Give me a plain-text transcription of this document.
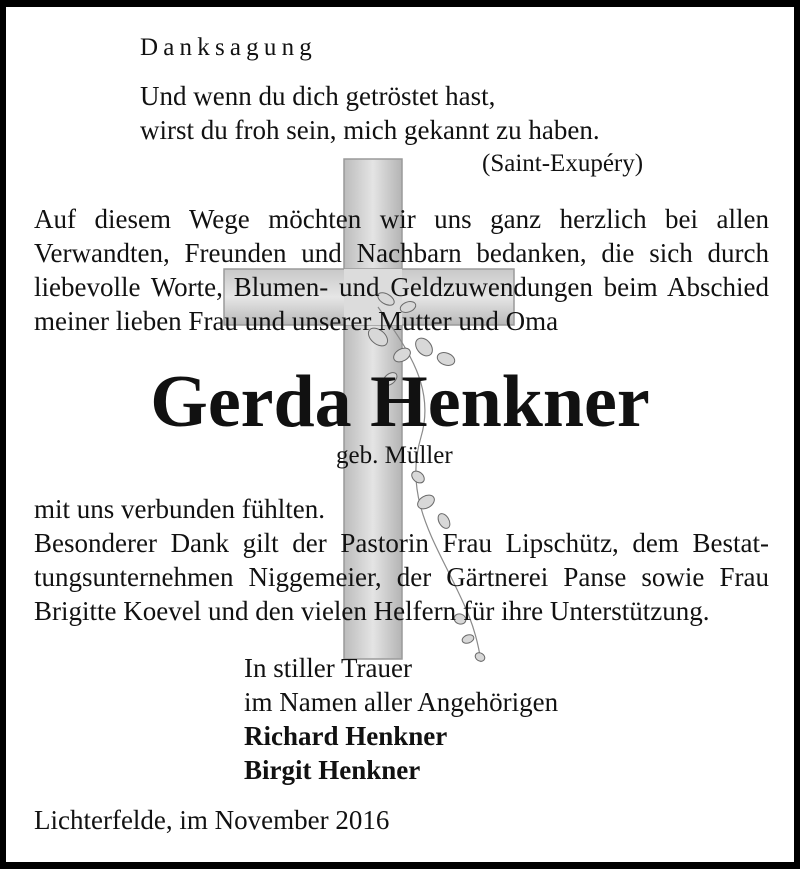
Danksagung
Und wenn du dich getröstet hast,
wirst du froh sein, mich gekannt zu haben.
(Saint-Exupéry)
Auf diesem Wege möchten wir uns ganz herzlich bei allen
Verwandten, Freunden und Nachbarn bedanken, die sich durch
liebevolle Worte, Blumen- und Geldzuwendungen beim Abschied
meiner lieben Frau und unserer Mutter und Oma
Gerda Henkner
geb. Müller
mit uns verbunden fühlten.
Besonderer Dank gilt der Pastorin Frau Lipschütz, dem Bestat-
tungsunternehmen Niggemeier, der Gärtnerei Panse sowie Frau
Brigitte Koevel und den vielen Helfern für ihre Unterstützung.
In stiller Trauer
im Namen aller Angehörigen
Richard Henkner
Birgit Henkner
Lichterfelde, im November 2016
